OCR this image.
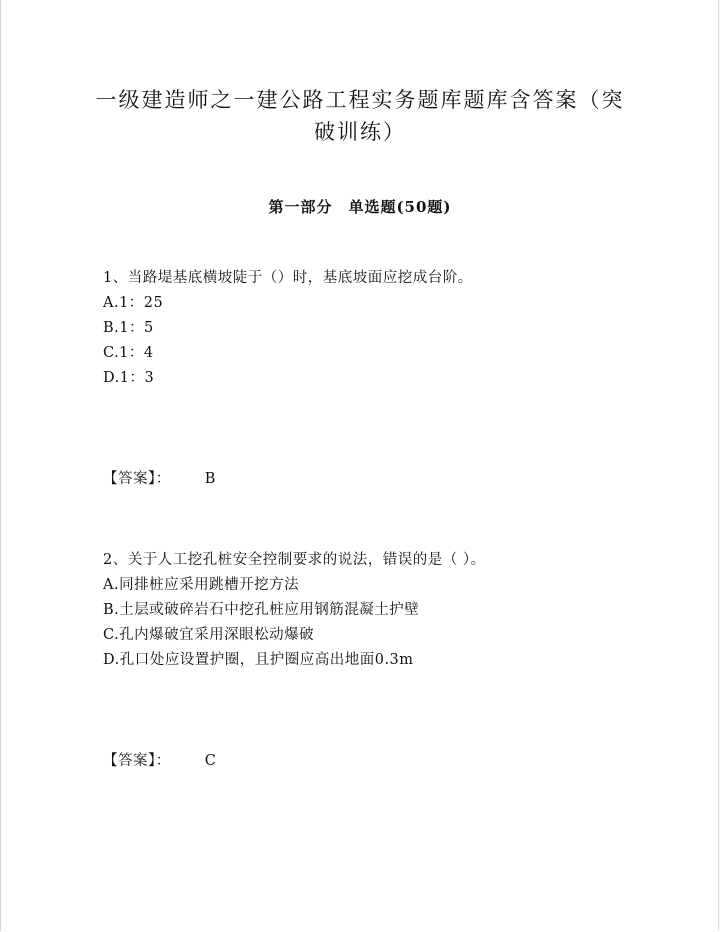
一级建造师之一建公路工程实务题库题库含答案（突
破训练）
第一部分　单选题(50题)
1、当路堤基底横坡陡于（）时，基底坡面应挖成台阶。
A.1：25
B.1：5
C.1：4
D.1：3
【答案】： B
2、关于人工挖孔桩安全控制要求的说法，错误的是（ ）。
A.同排桩应采用跳槽开挖方法
B.土层或破碎岩石中挖孔桩应用钢筋混凝土护壁
C.孔内爆破宜采用深眼松动爆破
D.孔口处应设置护圈，且护圈应高出地面0.3m
【答案】： C
